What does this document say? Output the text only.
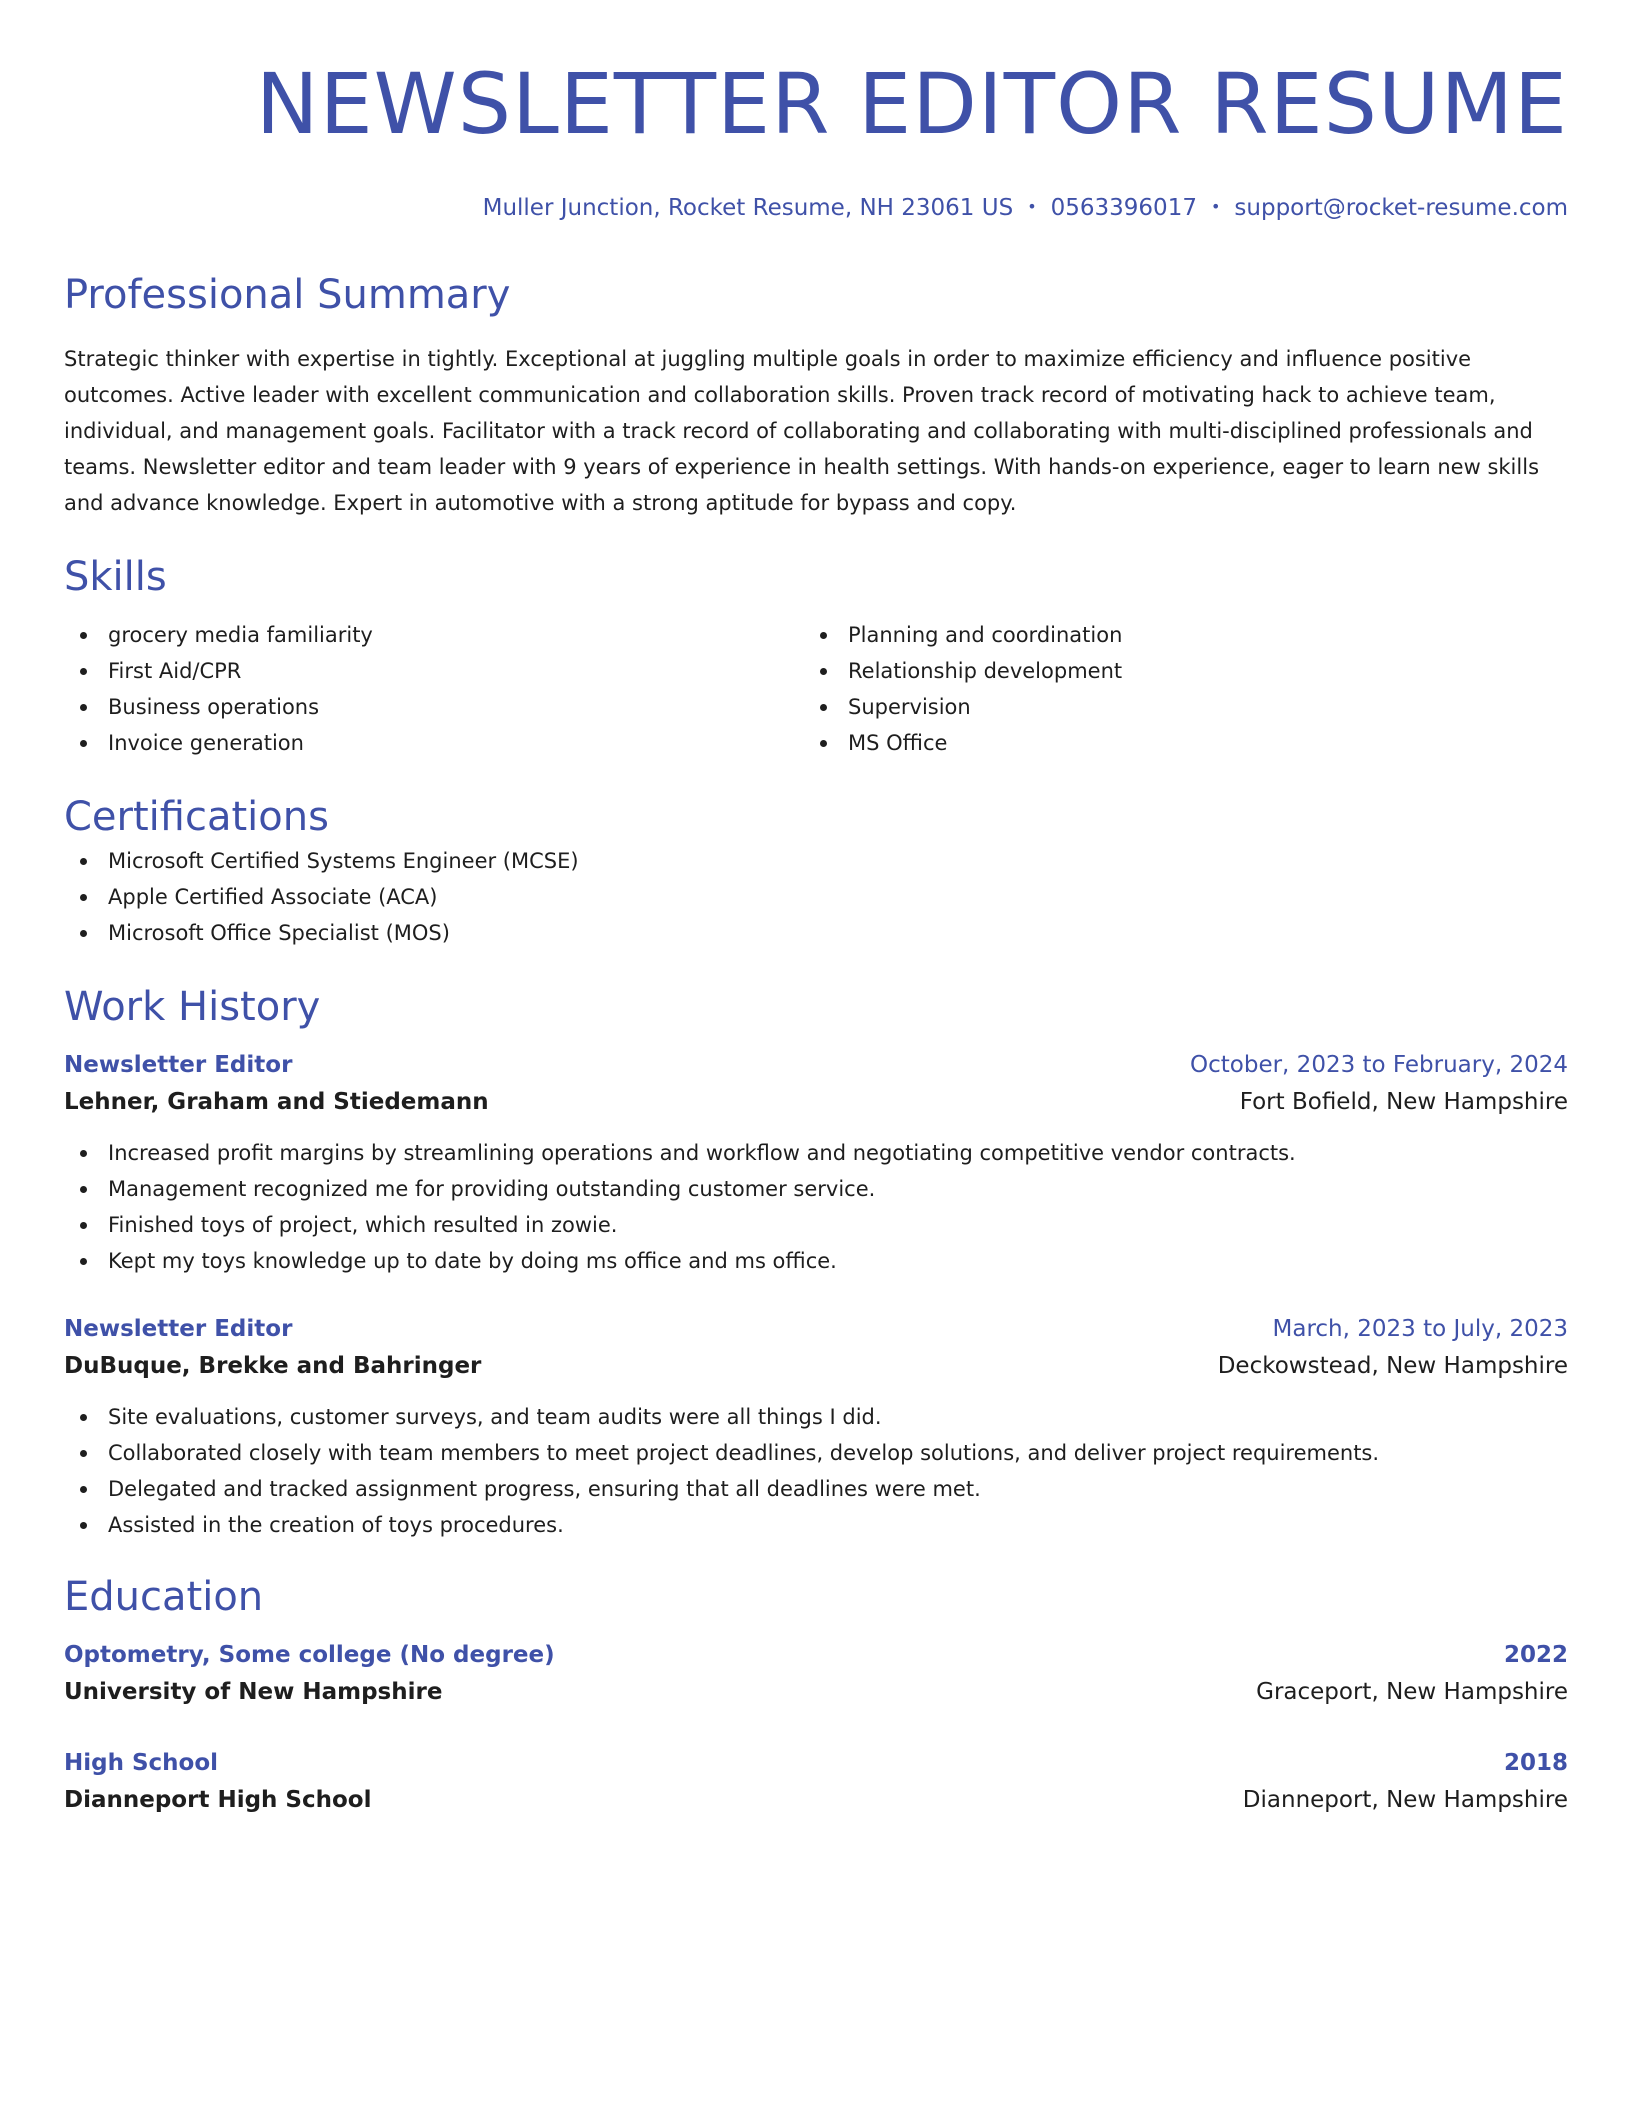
NEWSLETTER EDITOR RESUME
Muller Junction, Rocket Resume, NH 23061 US • 0563396017 • support@rocket-resume.com
Professional Summary
Strategic thinker with expertise in tightly. Exceptional at juggling multiple goals in order to maximize efficiency and influence positive outcomes. Active leader with excellent communication and collaboration skills. Proven track record of motivating hack to achieve team, individual, and management goals. Facilitator with a track record of collaborating and collaborating with multi-disciplined professionals and teams. Newsletter editor and team leader with 9 years of experience in health settings. With hands-on experience, eager to learn new skills and advance knowledge. Expert in automotive with a strong aptitude for bypass and copy.
Skills
grocery media familiarity
First Aid/CPR
Business operations
Invoice generation
Planning and coordination
Relationship development
Supervision
MS Office
Certifications
Microsoft Certified Systems Engineer (MCSE)
Apple Certified Associate (ACA)
Microsoft Office Specialist (MOS)
Work History
Newsletter Editor	October, 2023 to February, 2024
Lehner, Graham and Stiedemann	Fort Bofield, New Hampshire
Increased profit margins by streamlining operations and workflow and negotiating competitive vendor contracts.
Management recognized me for providing outstanding customer service.
Finished toys of project, which resulted in zowie.
Kept my toys knowledge up to date by doing ms office and ms office.
Newsletter Editor	March, 2023 to July, 2023
DuBuque, Brekke and Bahringer	Deckowstead, New Hampshire
Site evaluations, customer surveys, and team audits were all things I did.
Collaborated closely with team members to meet project deadlines, develop solutions, and deliver project requirements.
Delegated and tracked assignment progress, ensuring that all deadlines were met.
Assisted in the creation of toys procedures.
Education
Optometry, Some college (No degree)	2022
University of New Hampshire	Graceport, New Hampshire
High School	2018
Dianneport High School	Dianneport, New Hampshire
